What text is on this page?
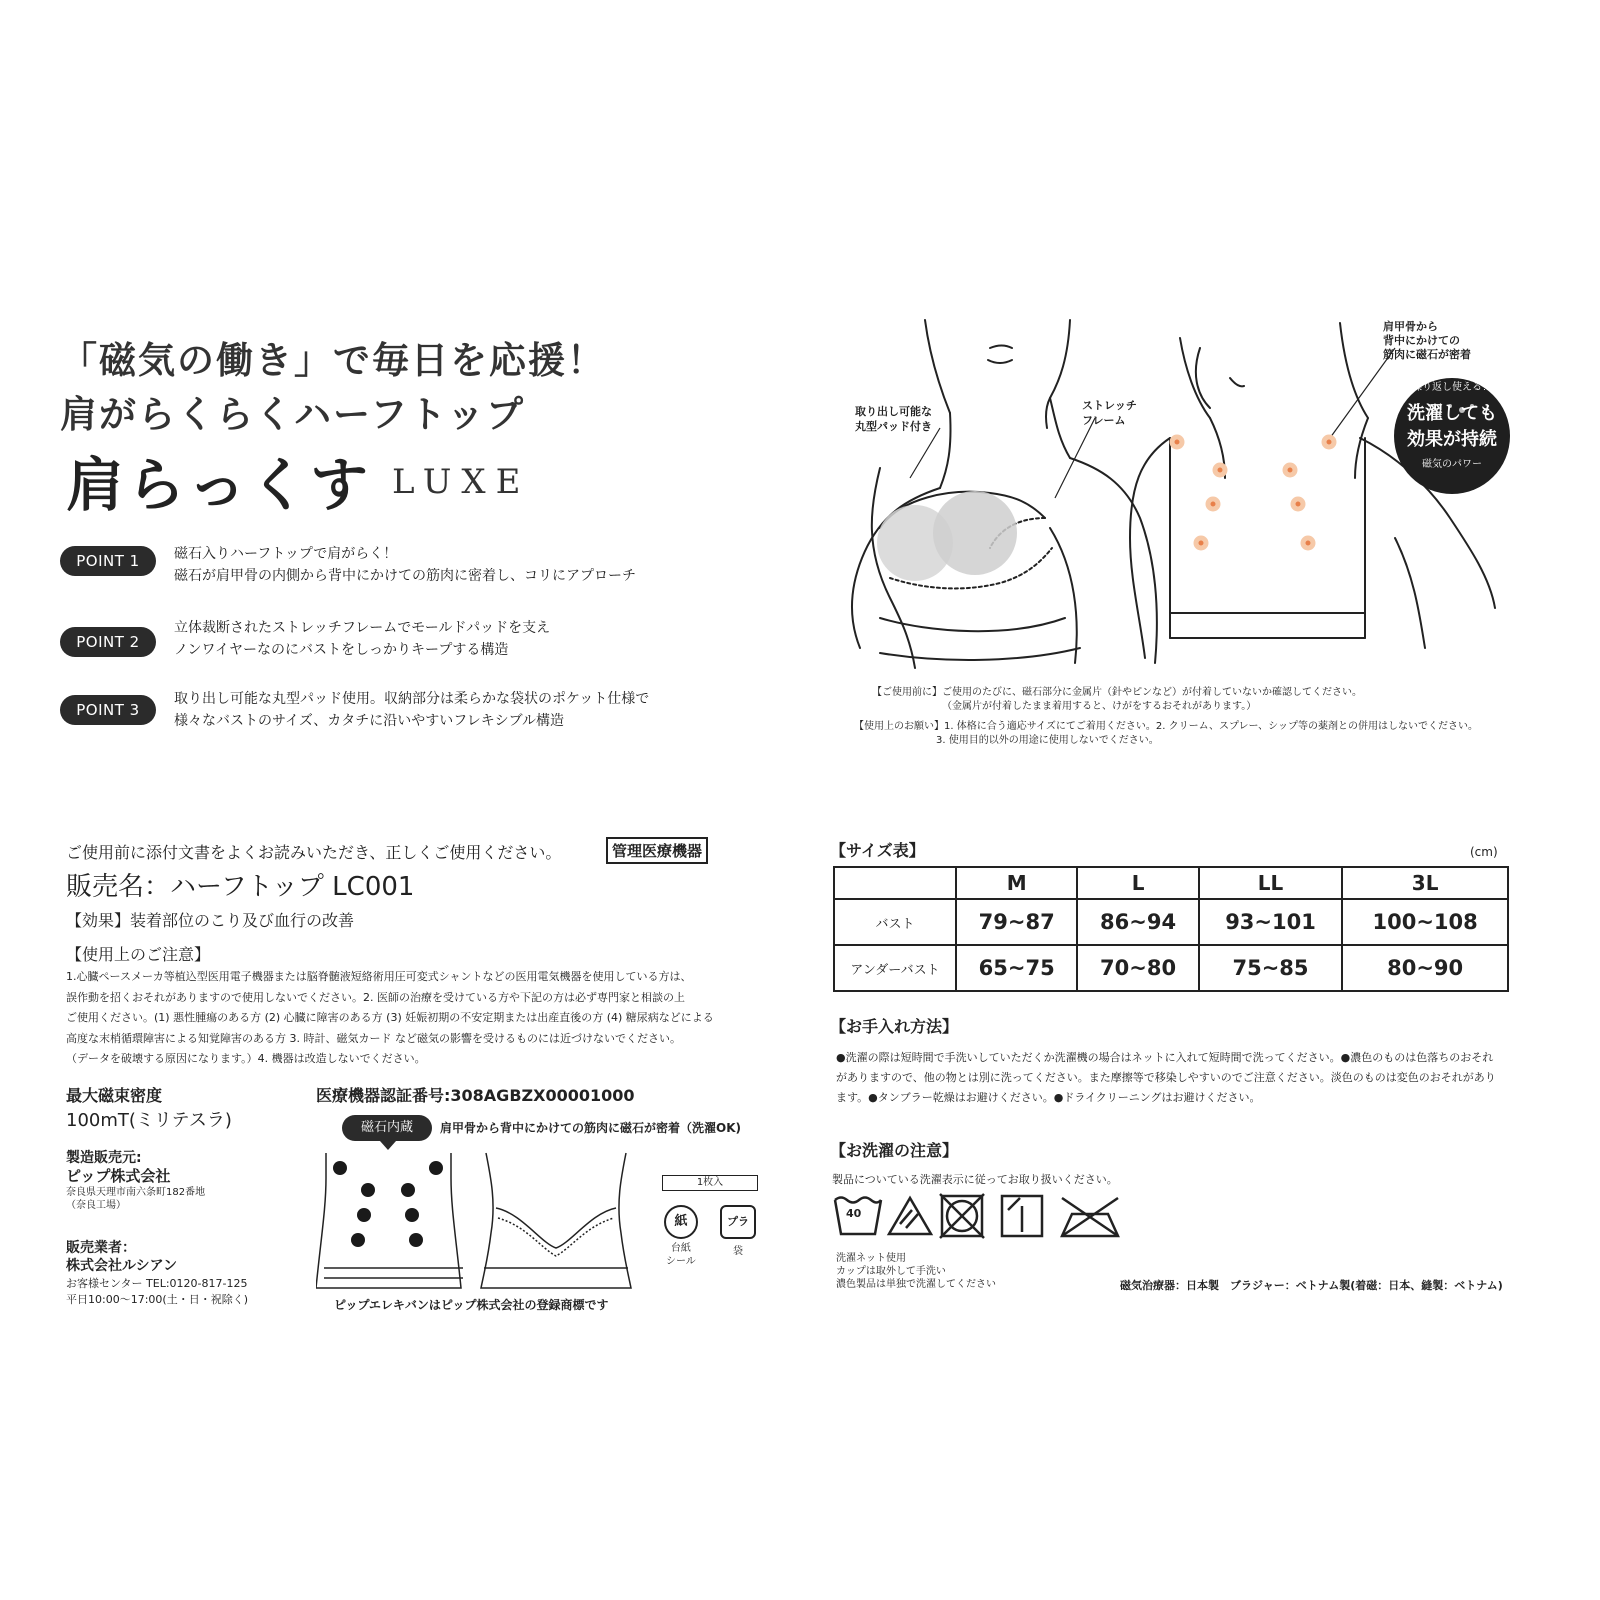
「磁気の働き」で毎日を応援！
肩がらくらくハーフトップ
肩らっくす LUXE
POINT 1	磁石入りハーフトップで肩がらく！
磁石が肩甲骨の内側から背中にかけての筋肉に密着し、コリにアプローチ
POINT 2
立体裁断されたストレッチフレームでモールドパッドを支え
ノンワイヤーなのにバストをしっかりキープする構造
POINT 3
取り出し可能な丸型パッド使用。収納部分は柔らかな袋状のポケット仕様で
様々なバストのサイズ、カタチに沿いやすいフレキシブル構造
取り出し可能な
丸型パッド付き
ストレッチ
フレーム
肩甲骨から
背中にかけての
筋肉に磁石が密着
繰り返し使える！
洗濯しても
効果が持続
磁気のパワー
【ご使用前に】ご使用のたびに、磁石部分に金属片（針やピンなど）が付着していないか確認してください。
（金属片が付着したまま着用すると、けがをするおそれがあります。）
【使用上のお願い】1. 体格に合う適応サイズにてご着用ください。2. クリーム、スプレー、シップ等の薬剤との併用はしないでください。
3. 使用目的以外の用途に使用しないでください。
ご使用前に添付文書をよくお読みいただき、正しくご使用ください。	管理医療機器
販売名：ハーフトップ LC001
【効果】装着部位のこり及び血行の改善
【使用上のご注意】
1.心臓ペースメーカ等植込型医用電子機器または脳脊髄液短絡術用圧可変式シャントなどの医用電気機器を使用している方は、
誤作動を招くおそれがありますので使用しないでください。2. 医師の治療を受けている方や下記の方は必ず専門家と相談の上
ご使用ください。(1) 悪性腫瘍のある方 (2) 心臓に障害のある方 (3) 妊娠初期の不安定期または出産直後の方 (4) 糖尿病などによる
高度な末梢循環障害による知覚障害のある方 3. 時計、磁気カード など磁気の影響を受けるものには近づけないでください。
（データを破壊する原因になります。）4. 機器は改造しないでください。
最大磁束密度
100mT(ミリテスラ)
製造販売元:
ピップ株式会社
奈良県天理市南六条町182番地
（奈良工場）
販売業者：
株式会社ルシアン
お客様センター TEL:0120-817-125
平日10:00〜17:00(土・日・祝除く)
医療機器認証番号:308AGBZX00001000
磁石内蔵	肩甲骨から背中にかけての筋肉に磁石が密着（洗濯OK)
ピップエレキバンはピップ株式会社の登録商標です
1枚入
紙
台紙
シール
プラ
袋
【サイズ表】	(cm)
	M	L	LL	3L
バスト	79~87	86~94	93~101	100~108
アンダーバスト	65~75	70~80	75~85	80~90
【お手入れ方法】
●洗濯の際は短時間で手洗いしていただくか洗濯機の場合はネットに入れて短時間で洗ってください。●濃色のものは色落ちのおそれ
がありますので、他の物とは別に洗ってください。また摩擦等で移染しやすいのでご注意ください。淡色のものは変色のおそれがあり
ます。●タンブラー乾燥はお避けください。●ドライクリーニングはお避けください。
【お洗濯の注意】
製品についている洗濯表示に従ってお取り扱いください。
40
洗濯ネット使用
カップは取外して手洗い
濃色製品は単独で洗濯してください	磁気治療器：日本製　ブラジャー：ベトナム製(着磁：日本、縫製：ベトナム)
